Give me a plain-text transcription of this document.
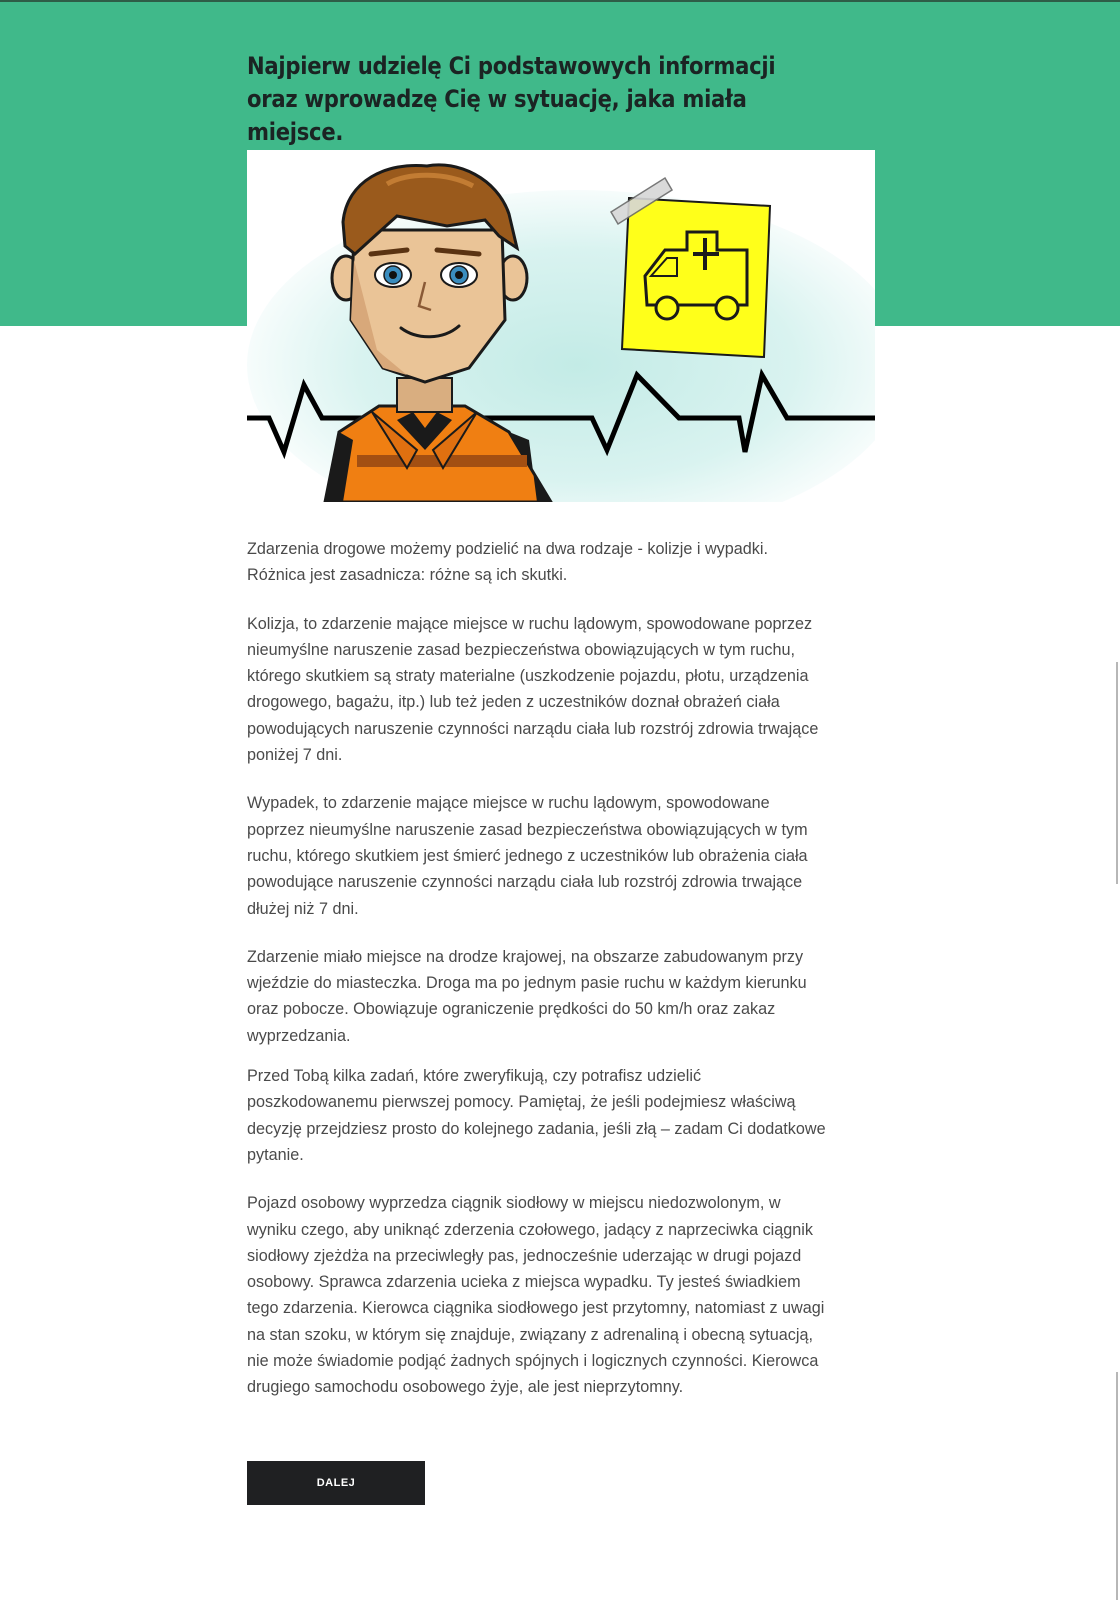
Najpierw udzielę Ci podstawowych informacji oraz wprowadzę Cię w sytuację, jaka miała miejsce.

Zdarzenia drogowe możemy podzielić na dwa rodzaje - kolizje i wypadki. Różnica jest zasadnicza: różne są ich skutki.

Kolizja, to zdarzenie mające miejsce w ruchu lądowym, spowodowane poprzez nieumyślne naruszenie zasad bezpieczeństwa obowiązujących w tym ruchu, którego skutkiem są straty materialne (uszkodzenie pojazdu, płotu, urządzenia drogowego, bagażu, itp.) lub też jeden z uczestników doznał obrażeń ciała powodujących naruszenie czynności narządu ciała lub rozstrój zdrowia trwające poniżej 7 dni.

Wypadek, to zdarzenie mające miejsce w ruchu lądowym, spowodowane poprzez nieumyślne naruszenie zasad bezpieczeństwa obowiązujących w tym ruchu, którego skutkiem jest śmierć jednego z uczestników lub obrażenia ciała powodujące naruszenie czynności narządu ciała lub rozstrój zdrowia trwające dłużej niż 7 dni.

Zdarzenie miało miejsce na drodze krajowej, na obszarze zabudowanym przy wjeździe do miasteczka. Droga ma po jednym pasie ruchu w każdym kierunku oraz pobocze. Obowiązuje ograniczenie prędkości do 50 km/h oraz zakaz wyprzedzania.

Przed Tobą kilka zadań, które zweryfikują, czy potrafisz udzielić poszkodowanemu pierwszej pomocy. Pamiętaj, że jeśli podejmiesz właściwą decyzję przejdziesz prosto do kolejnego zadania, jeśli złą – zadam Ci dodatkowe pytanie.

Pojazd osobowy wyprzedza ciągnik siodłowy w miejscu niedozwolonym, w wyniku czego, aby uniknąć zderzenia czołowego, jadący z naprzeciwka ciągnik siodłowy zjeżdża na przeciwległy pas, jednocześnie uderzając w drugi pojazd osobowy. Sprawca zdarzenia ucieka z miejsca wypadku. Ty jesteś świadkiem tego zdarzenia. Kierowca ciągnika siodłowego jest przytomny, natomiast z uwagi na stan szoku, w którym się znajduje, związany z adrenaliną i obecną sytuacją, nie może świadomie podjąć żadnych spójnych i logicznych czynności. Kierowca drugiego samochodu osobowego żyje, ale jest nieprzytomny.

DALEJ
